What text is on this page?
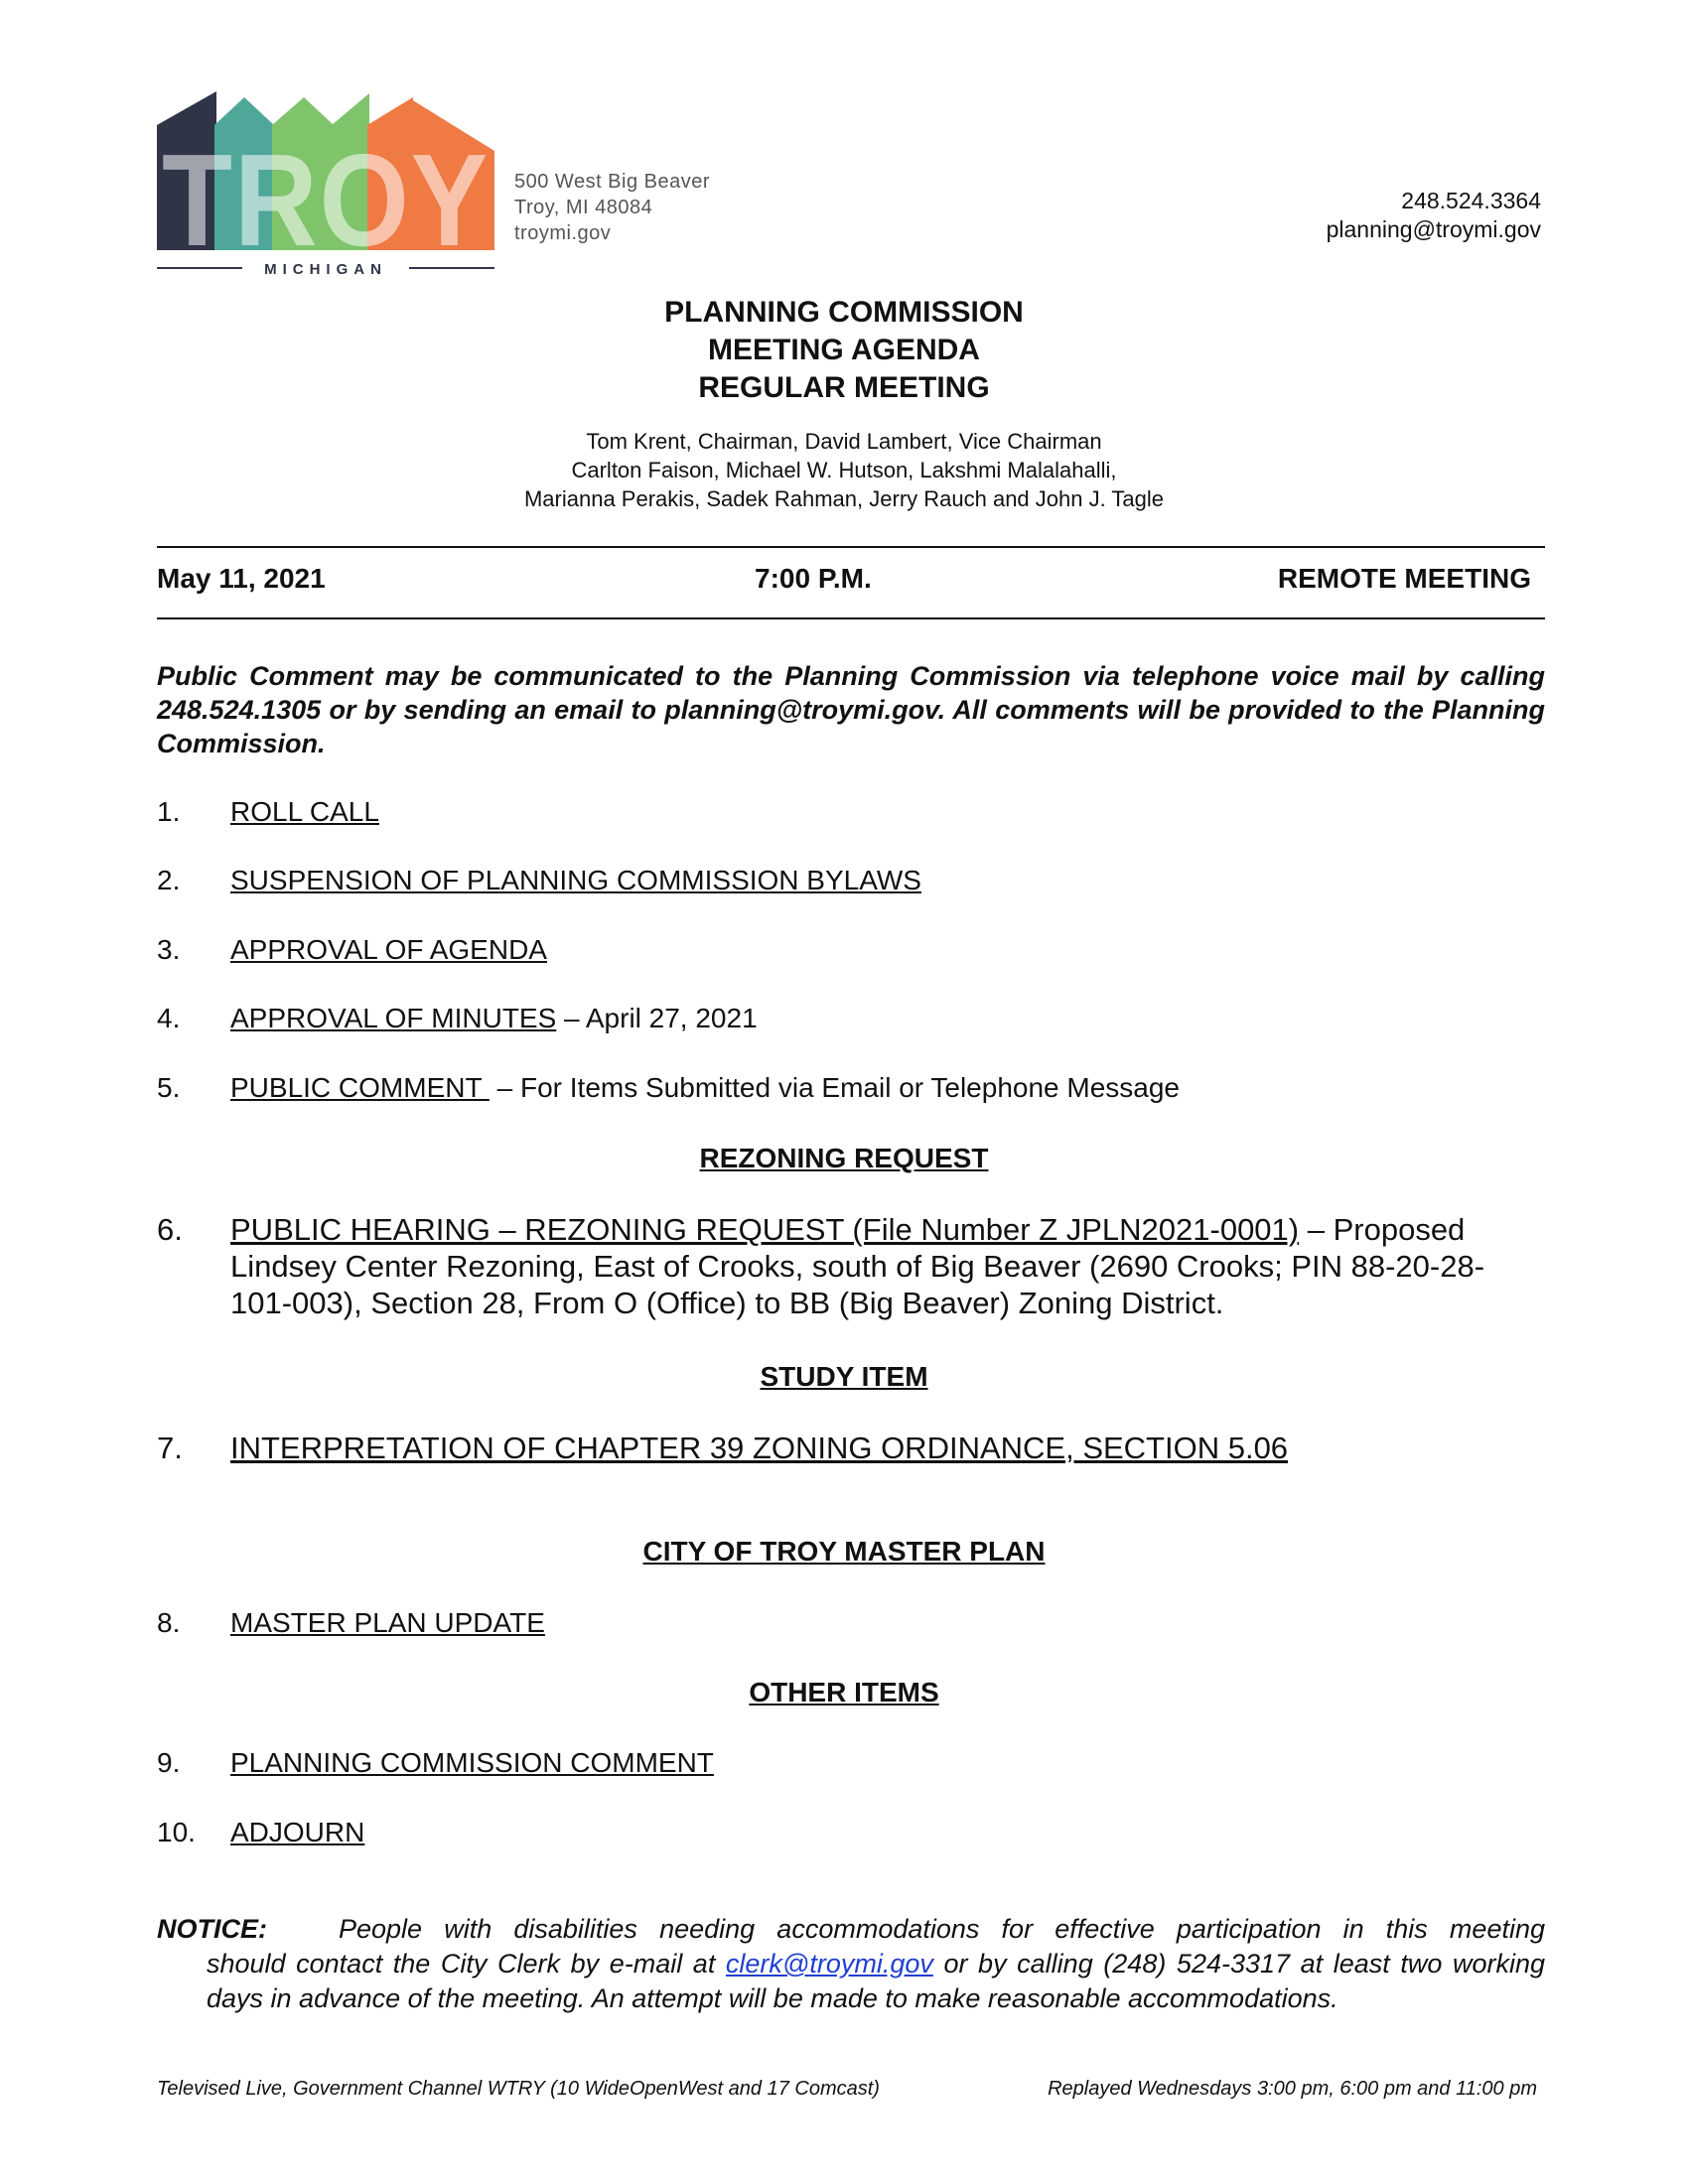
TROY
MICHIGAN
500 West Big Beaver
Troy, MI 48084
troymi.gov
248.524.3364
planning@troymi.gov
PLANNING COMMISSION
MEETING AGENDA
REGULAR MEETING
Tom Krent, Chairman, David Lambert, Vice Chairman
Carlton Faison, Michael W. Hutson, Lakshmi Malalahalli,
Marianna Perakis, Sadek Rahman, Jerry Rauch and John J. Tagle
May 11, 2021	7:00 P.M.	REMOTE MEETING
Public Comment may be communicated to the Planning Commission via telephone voice mail by calling 248.524.1305 or by sending an email to planning@troymi.gov. All comments will be provided to the Planning Commission.
1. ROLL CALL
2. SUSPENSION OF PLANNING COMMISSION BYLAWS
3. APPROVAL OF AGENDA
4. APPROVAL OF MINUTES – April 27, 2021
5. PUBLIC COMMENT  – For Items Submitted via Email or Telephone Message
REZONING REQUEST
6. PUBLIC HEARING – REZONING REQUEST (File Number Z JPLN2021-0001) – Proposed Lindsey Center Rezoning, East of Crooks, south of Big Beaver (2690 Crooks; PIN 88-20-28-101-003), Section 28, From O (Office) to BB (Big Beaver) Zoning District.
STUDY ITEM
7. INTERPRETATION OF CHAPTER 39 ZONING ORDINANCE, SECTION 5.06
CITY OF TROY MASTER PLAN
8. MASTER PLAN UPDATE
OTHER ITEMS
9. PLANNING COMMISSION COMMENT
10. ADJOURN
NOTICE:	People with disabilities needing accommodations for effective participation in this meeting
should contact the City Clerk by e-mail at clerk@troymi.gov or by calling (248) 524-3317 at least two working days in advance of the meeting. An attempt will be made to make reasonable accommodations.
Televised Live, Government Channel WTRY (10 WideOpenWest and 17 Comcast)	Replayed Wednesdays 3:00 pm, 6:00 pm and 11:00 pm
